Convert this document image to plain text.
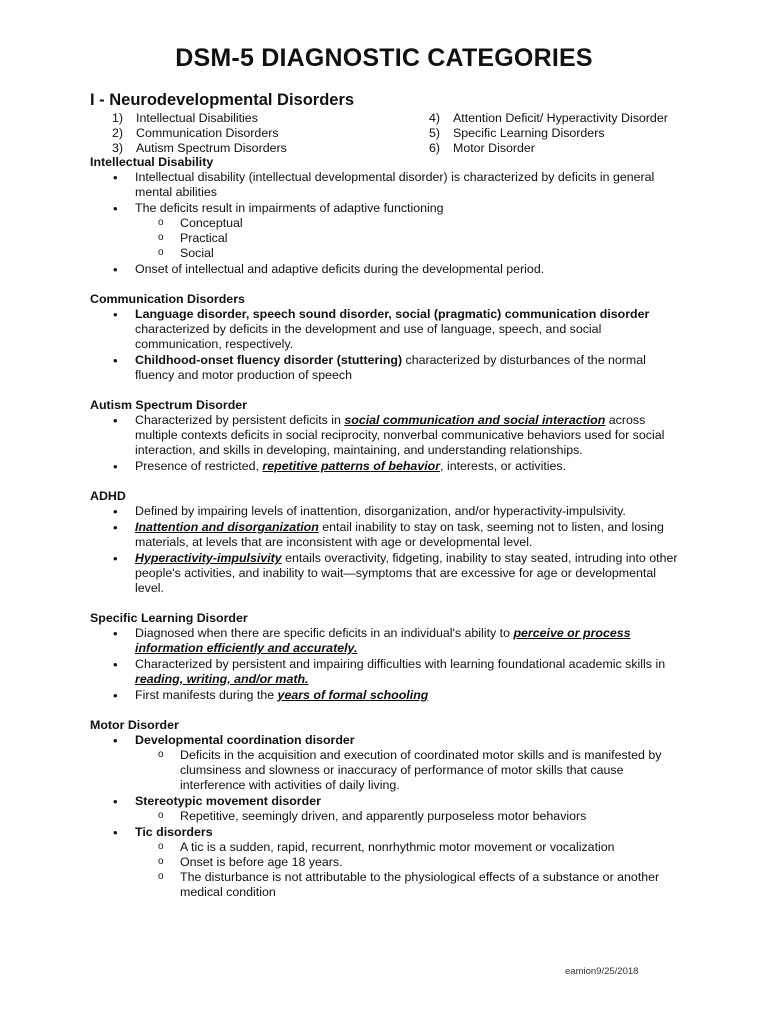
DSM-5 DIAGNOSTIC CATEGORIES
I - Neurodevelopmental Disorders
1)	Intellectual Disabilities
2)	Communication Disorders
3)	Autism Spectrum Disorders
4)	Attention Deficit/ Hyperactivity Disorder
5)	Specific Learning Disorders
6)	Motor Disorder
Intellectual Disability
• Intellectual disability (intellectual developmental disorder) is characterized by deficits in general mental abilities
• The deficits result in impairments of adaptive functioning
o Conceptual
o Practical
o Social
• Onset of intellectual and adaptive deficits during the developmental period.
Communication Disorders
• Language disorder, speech sound disorder, social (pragmatic) communication disorder characterized by deficits in the development and use of language, speech, and social communication, respectively.
• Childhood-onset fluency disorder (stuttering) characterized by disturbances of the normal fluency and motor production of speech
Autism Spectrum Disorder
• Characterized by persistent deficits in social communication and social interaction across multiple contexts deficits in social reciprocity, nonverbal communicative behaviors used for social interaction, and skills in developing, maintaining, and understanding relationships.
• Presence of restricted, repetitive patterns of behavior, interests, or activities.
ADHD
• Defined by impairing levels of inattention, disorganization, and/or hyperactivity-impulsivity.
• Inattention and disorganization entail inability to stay on task, seeming not to listen, and losing materials, at levels that are inconsistent with age or developmental level.
• Hyperactivity-impulsivity entails overactivity, fidgeting, inability to stay seated, intruding into other people's activities, and inability to wait—symptoms that are excessive for age or developmental level.
Specific Learning Disorder
• Diagnosed when there are specific deficits in an individual's ability to perceive or process information efficiently and accurately.
• Characterized by persistent and impairing difficulties with learning foundational academic skills in reading, writing, and/or math.
• First manifests during the years of formal schooling
Motor Disorder
• Developmental coordination disorder
o Deficits in the acquisition and execution of coordinated motor skills and is manifested by clumsiness and slowness or inaccuracy of performance of motor skills that cause interference with activities of daily living.
• Stereotypic movement disorder
o Repetitive, seemingly driven, and apparently purposeless motor behaviors
• Tic disorders
o A tic is a sudden, rapid, recurrent, nonrhythmic motor movement or vocalization
o Onset is before age 18 years.
o The disturbance is not attributable to the physiological effects of a substance or another medical condition
eamion9/25/2018
